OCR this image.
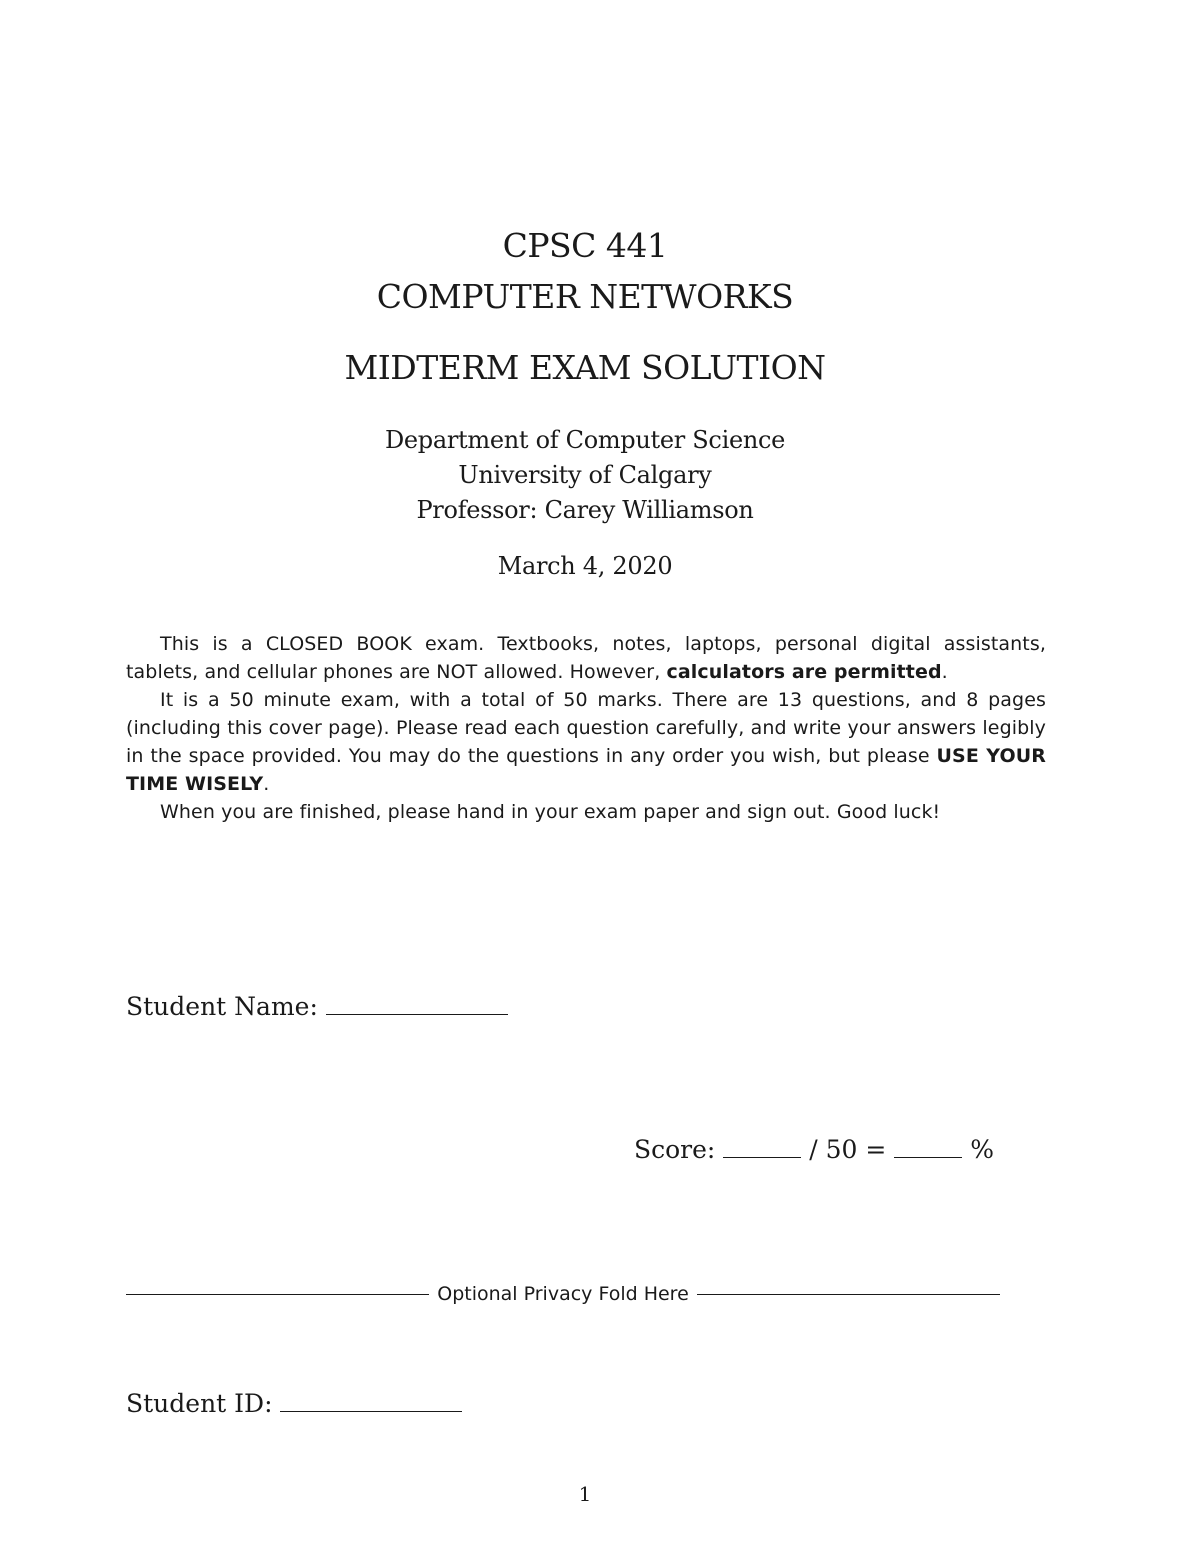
CPSC 441
COMPUTER NETWORKS
MIDTERM EXAM SOLUTION
Department of Computer Science
University of Calgary
Professor: Carey Williamson
March 4, 2020

This is a CLOSED BOOK exam. Textbooks, notes, laptops, personal digital assistants, tablets, and cellular phones are NOT allowed. However, calculators are permitted.

It is a 50 minute exam, with a total of 50 marks. There are 13 questions, and 8 pages (including this cover page). Please read each question carefully, and write your answers legibly in the space provided. You may do the questions in any order you wish, but please USE YOUR TIME WISELY.

When you are finished, please hand in your exam paper and sign out. Good luck!

Student Name:
Score:	/ 50 =	%
Optional Privacy Fold Here
Student ID:
1
